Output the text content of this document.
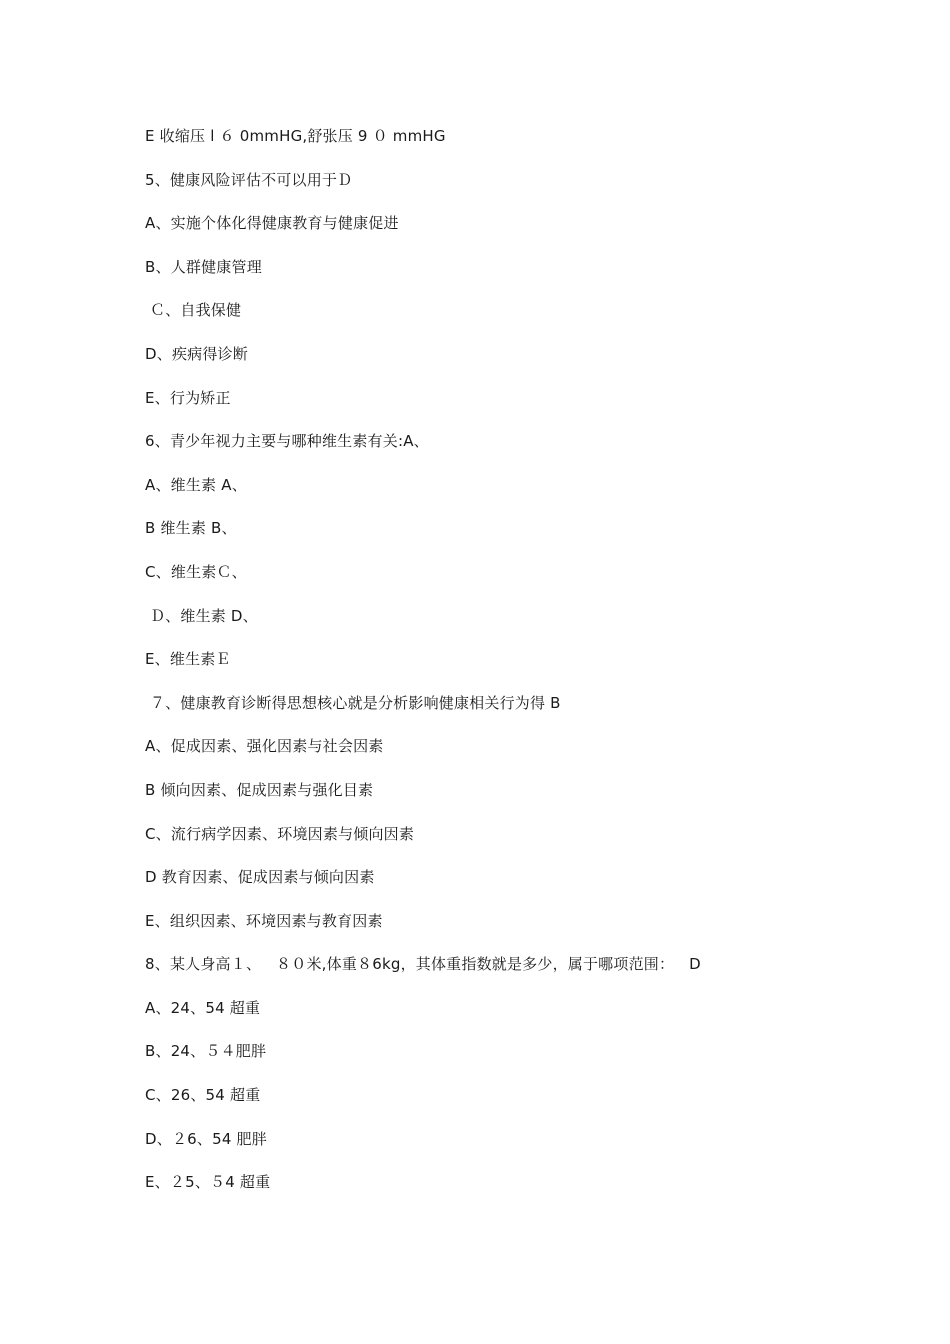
E 收缩压 l ６ 0mmHG,舒张压 9 ０ mmHG
5、健康风险评估不可以用于Ｄ
A、实施个体化得健康教育与健康促进
B、人群健康管理
Ｃ、自我保健
D、疾病得诊断
E、行为矫正
6、青少年视力主要与哪种维生素有关:A、
A、维生素 A、
B 维生素 B、
C、维生素Ｃ、
Ｄ、维生素 D、
E、维生素Ｅ
７、健康教育诊断得思想核心就是分析影响健康相关行为得 B
A、促成因素、强化因素与社会因素
B 倾向因素、促成因素与强化目素
C、流行病学因素、环境因素与倾向因素
D 教育因素、促成因素与倾向因素
E、组织因素、环境因素与教育因素
8、某人身高１、   ８０米,体重８6kg，其体重指数就是多少，属于哪项范围：   D
A、24、54 超重
B、24、５４肥胖
C、26、54 超重
D、２6、54 肥胖
E、２5、５4 超重
